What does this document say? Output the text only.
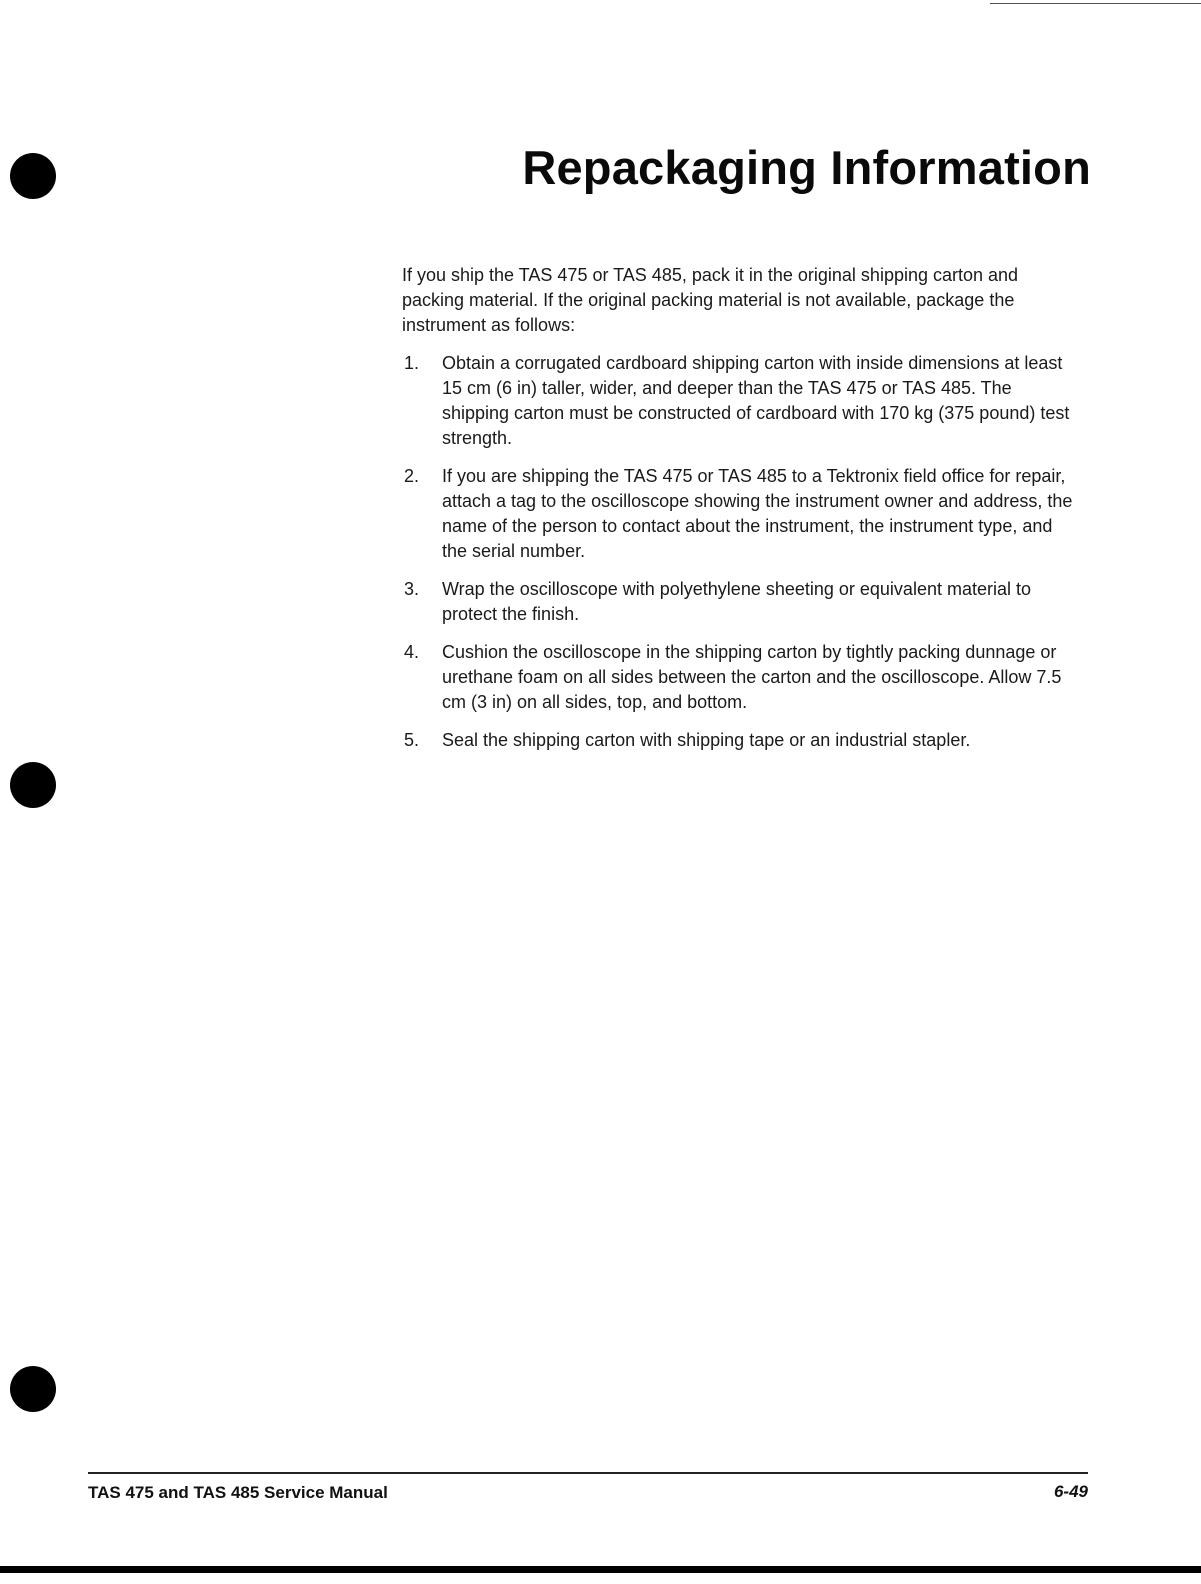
Repackaging Information

If you ship the TAS 475 or TAS 485, pack it in the original shipping carton and packing material. If the original packing material is not available, package the instrument as follows:

1.	Obtain a corrugated cardboard shipping carton with inside dimensions at least 15 cm (6 in) taller, wider, and deeper than the TAS 475 or TAS 485. The shipping carton must be constructed of cardboard with 170 kg (375 pound) test strength.
2.	If you are shipping the TAS 475 or TAS 485 to a Tektronix field office for repair, attach a tag to the oscilloscope showing the instrument owner and address, the name of the person to contact about the instrument, the instrument type, and the serial number.
3.	Wrap the oscilloscope with polyethylene sheeting or equivalent material to protect the finish.
4.	Cushion the oscilloscope in the shipping carton by tightly packing dunnage or urethane foam on all sides between the carton and the oscilloscope. Allow 7.5 cm (3 in) on all sides, top, and bottom.
5.	Seal the shipping carton with shipping tape or an industrial stapler.
TAS 475 and TAS 485 Service Manual	6-49
